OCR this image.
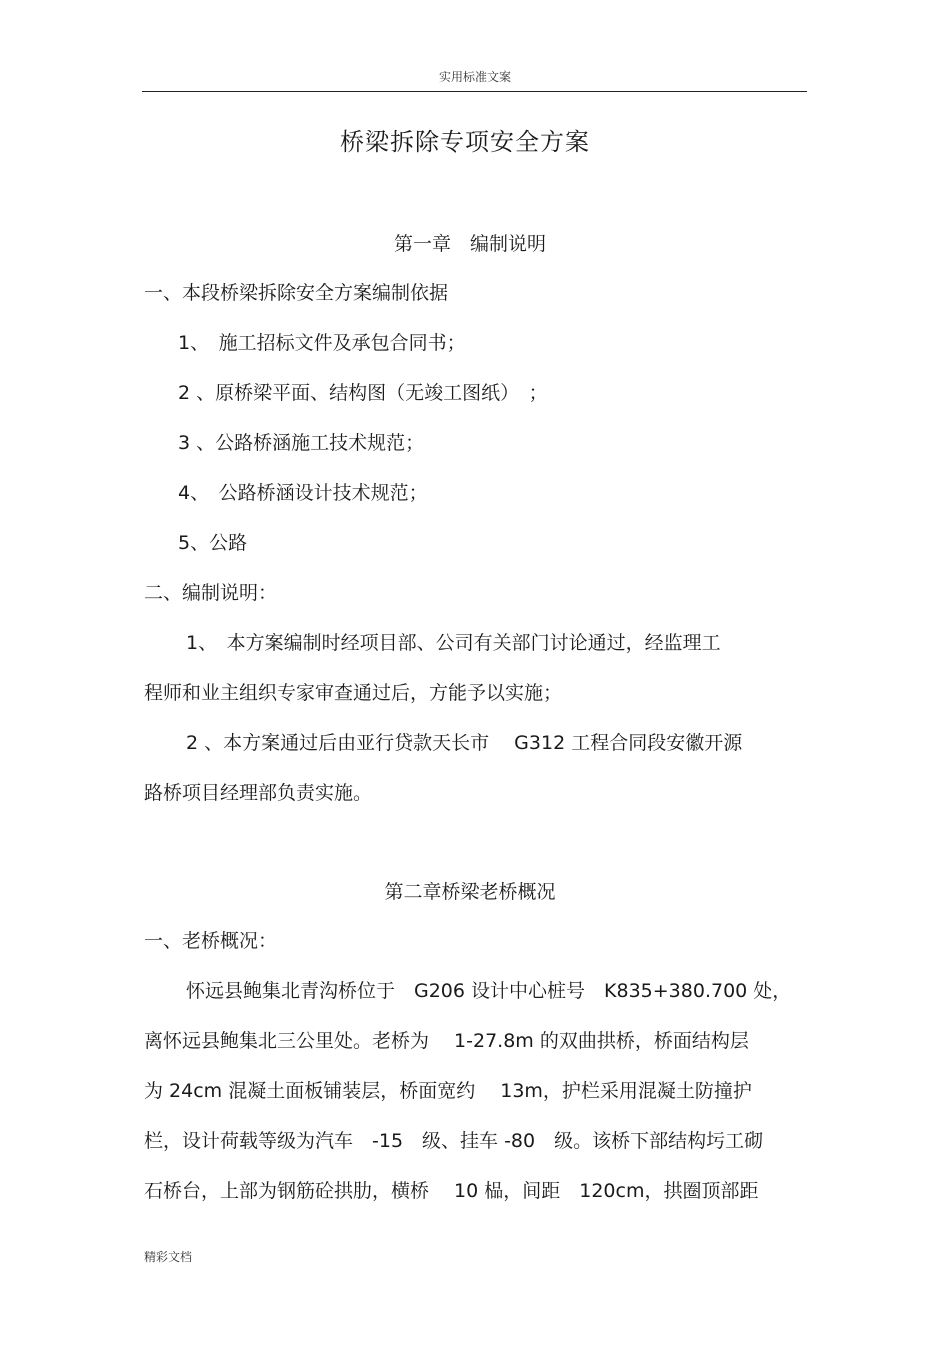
实用标准文案
桥梁拆除专项安全方案
第一章　编制说明
一、本段桥梁拆除安全方案编制依据
1、　施工招标文件及承包合同书；
2 、原桥梁平面、结构图（无竣工图纸）　；
3 、公路桥涵施工技术规范；
4、　公路桥涵设计技术规范；
5、公路
二、编制说明：
1、　本方案编制时经项目部、公司有关部门讨论通过，经监理工
程师和业主组织专家审查通过后，方能予以实施；
2 、本方案通过后由亚行贷款天长市　 G312 工程合同段安徽开源
路桥项目经理部负责实施。
第二章桥梁老桥概况
一、老桥概况：
怀远县鲍集北青沟桥位于　G206 设计中心桩号　K835+380.700 处，
离怀远县鲍集北三公里处。老桥为　 1-27.8m 的双曲拱桥，桥面结构层
为 24cm 混凝土面板铺装层，桥面宽约　 13m，护栏采用混凝土防撞护
栏，设计荷载等级为汽车　-15　级、挂车 -80　级。该桥下部结构圬工砌
石桥台，上部为钢筋砼拱肋，横桥　 10 榀，间距　120cm，拱圈顶部距
精彩文档
